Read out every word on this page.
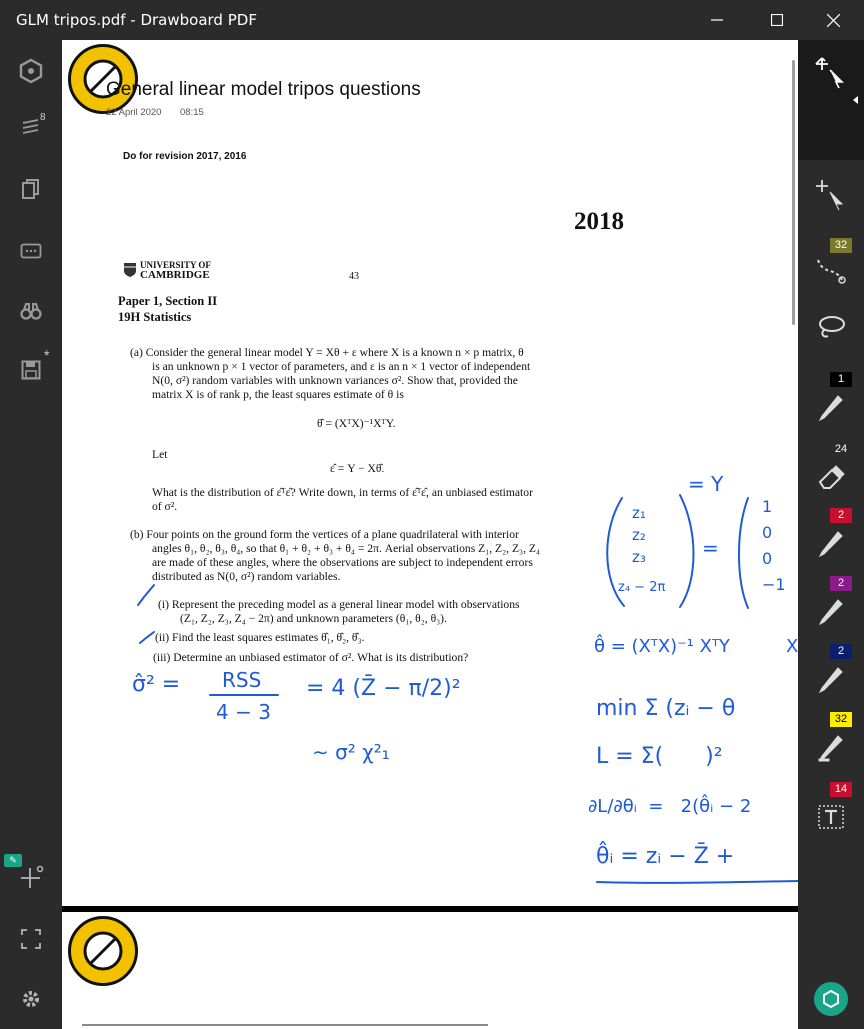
GLM tripos.pdf - Drawboard PDF
8
*
✎
General linear model tripos questions
22 April 2020 08:15
Do for revision 2017, 2016
2018
UNIVERSITY OF
CAMBRIDGE	43
Paper 1, Section II
19H Statistics
(a) Consider the general linear model Y = Xθ + ε where X is a known n × p matrix, θ
is an unknown p × 1 vector of parameters, and ε is an n × 1 vector of independent
N(0, σ²) random variables with unknown variances σ². Show that, provided the
matrix X is of rank p, the least squares estimate of θ is
θ̂ = (XᵀX)⁻¹XᵀY.
Let
ε̂ = Y − Xθ̂.
What is the distribution of ε̂ᵀε̂? Write down, in terms of ε̂ᵀε̂, an unbiased estimator
of σ².
(b) Four points on the ground form the vertices of a plane quadrilateral with interior
angles θ₁, θ₂, θ₃, θ₄, so that θ₁ + θ₂ + θ₃ + θ₄ = 2π. Aerial observations Z₁, Z₂, Z₃, Z₄
are made of these angles, where the observations are subject to independent errors
distributed as N(0, σ²) random variables.
(i) Represent the preceding model as a general linear model with observations
(Z₁, Z₂, Z₃, Z₄ − 2π) and unknown parameters (θ₁, θ₂, θ₃).
(ii) Find the least squares estimates θ̂₁, θ̂₂, θ̂₃.
(iii) Determine an unbiased estimator of σ². What is its distribution?
z₁
z₂
z₃
z₄ − 2π
= Y
=
1
0
0
−1
θ̂ = (XᵀX)⁻¹ XᵀY	X
σ̂² = RSS
4 − 3
= 4 (Z̄ − π/2)²
∼ σ² χ²₁
min Σ (zᵢ − θ
L = Σ(      )²
∂L/∂θᵢ  =   2(θ̂ᵢ − 2
θ̂ᵢ = zᵢ − Z̄ +
32
1
24
2
2
2
32
14
